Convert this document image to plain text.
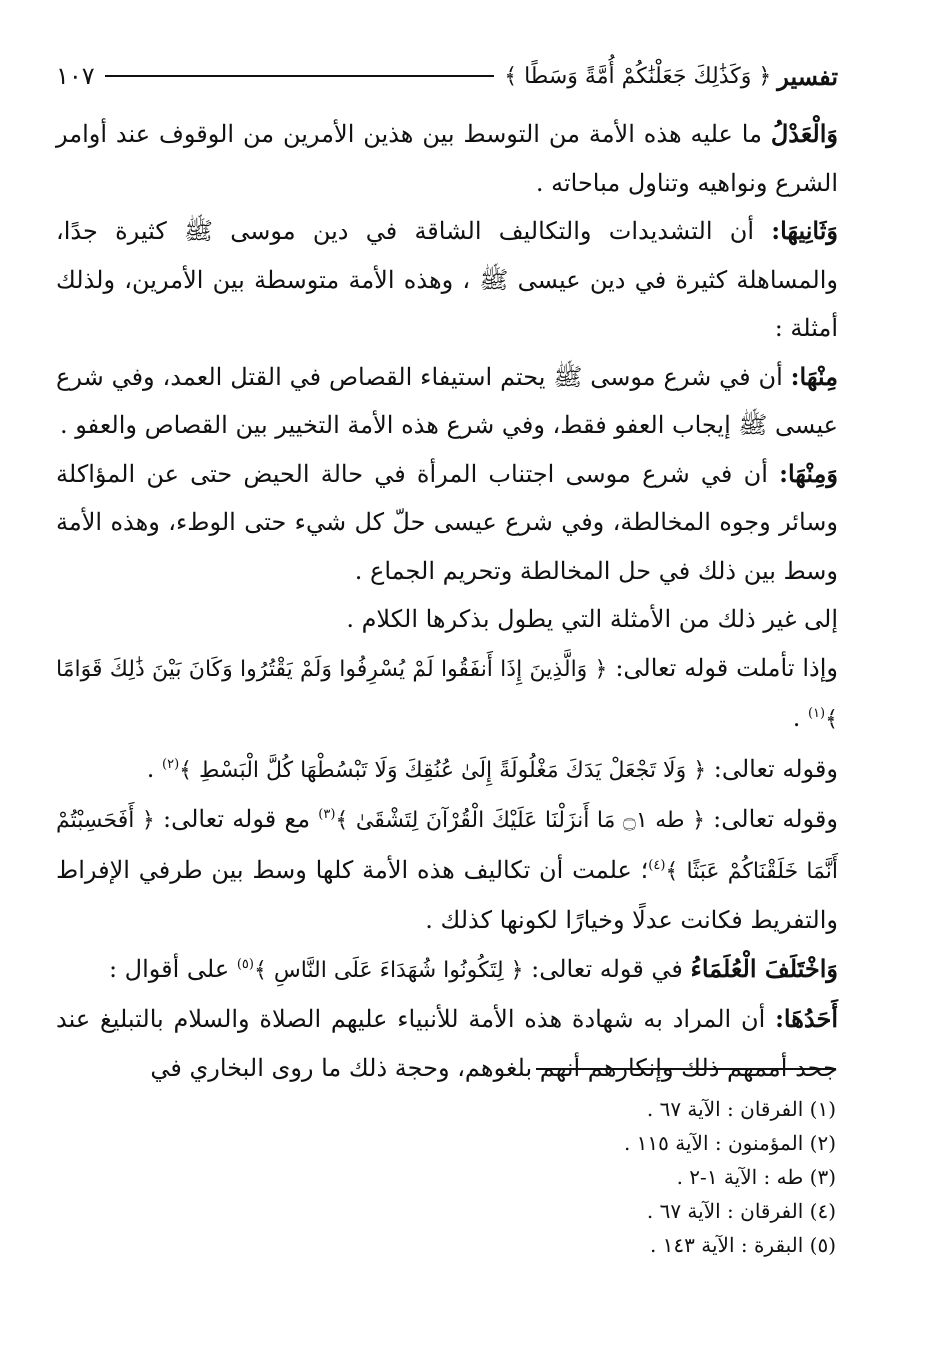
تفسير
﴿ وَكَذَٰلِكَ جَعَلْنَٰكُمْ أُمَّةً وَسَطًا ﴾
١٠٧

وَالْعَدْلُ ما عليه هذه الأمة من التوسط بين هذين الأمرين من الوقوف عند أوامر الشرع ونواهيه وتناول مباحاته .

وَثَانِيهَا: أن التشديدات والتكاليف الشاقة في دين موسى ﷺ كثيرة جدًا، والمساهلة كثيرة في دين عيسى ﷺ ، وهذه الأمة متوسطة بين الأمرين، ولذلك أمثلة :

مِنْهَا: أن في شرع موسى ﷺ يحتم استيفاء القصاص في القتل العمد، وفي شرع عيسى ﷺ إيجاب العفو فقط، وفي شرع هذه الأمة التخيير بين القصاص والعفو .

وَمِنْهَا: أن في شرع موسى اجتناب المرأة في حالة الحيض حتى عن المؤاكلة وسائر وجوه المخالطة، وفي شرع عيسى حلّ كل شيء حتى الوطء، وهذه الأمة وسط بين ذلك في حل المخالطة وتحريم الجماع .

إلى غير ذلك من الأمثلة التي يطول بذكرها الكلام .

وإذا تأملت قوله تعالى: ﴿ وَالَّذِينَ إِذَا أَنفَقُوا لَمْ يُسْرِفُوا وَلَمْ يَقْتُرُوا وَكَانَ بَيْنَ ذَٰلِكَ قَوَامًا ﴾$^{(١)}$ .

وقوله تعالى: ﴿ وَلَا تَجْعَلْ يَدَكَ مَغْلُولَةً إِلَىٰ عُنُقِكَ وَلَا تَبْسُطْهَا كُلَّ الْبَسْطِ ﴾$^{(٢)}$ .

وقوله تعالى: ﴿ طه ۝١ مَا أَنزَلْنَا عَلَيْكَ الْقُرْآنَ لِتَشْقَىٰ ﴾$^{(٣)}$ مع قوله تعالى: ﴿ أَفَحَسِبْتُمْ أَنَّمَا خَلَقْنَاكُمْ عَبَثًا ﴾$^{(٤)}$؛ علمت أن تكاليف هذه الأمة كلها وسط بين طرفي الإفراط والتفريط فكانت عدلًا وخيارًا لكونها كذلك .

وَاخْتَلَفَ الْعُلَمَاءُ في قوله تعالى: ﴿ لِتَكُونُوا شُهَدَاءَ عَلَى النَّاسِ ﴾$^{(٥)}$ على أقوال :

أَحَدُهَا: أن المراد به شهادة هذه الأمة للأنبياء عليهم الصلاة والسلام بالتبليغ عند جحد أممهم ذلك وإنكارهم أنهم بلغوهم، وحجة ذلك ما روى البخاري في

(١) الفرقان : الآية ٦٧ .

(٢) المؤمنون : الآية ١١٥ .

(٣) طه : الآية ١-٢ .

(٤) الفرقان : الآية ٦٧ .

(٥) البقرة : الآية ١٤٣ .
